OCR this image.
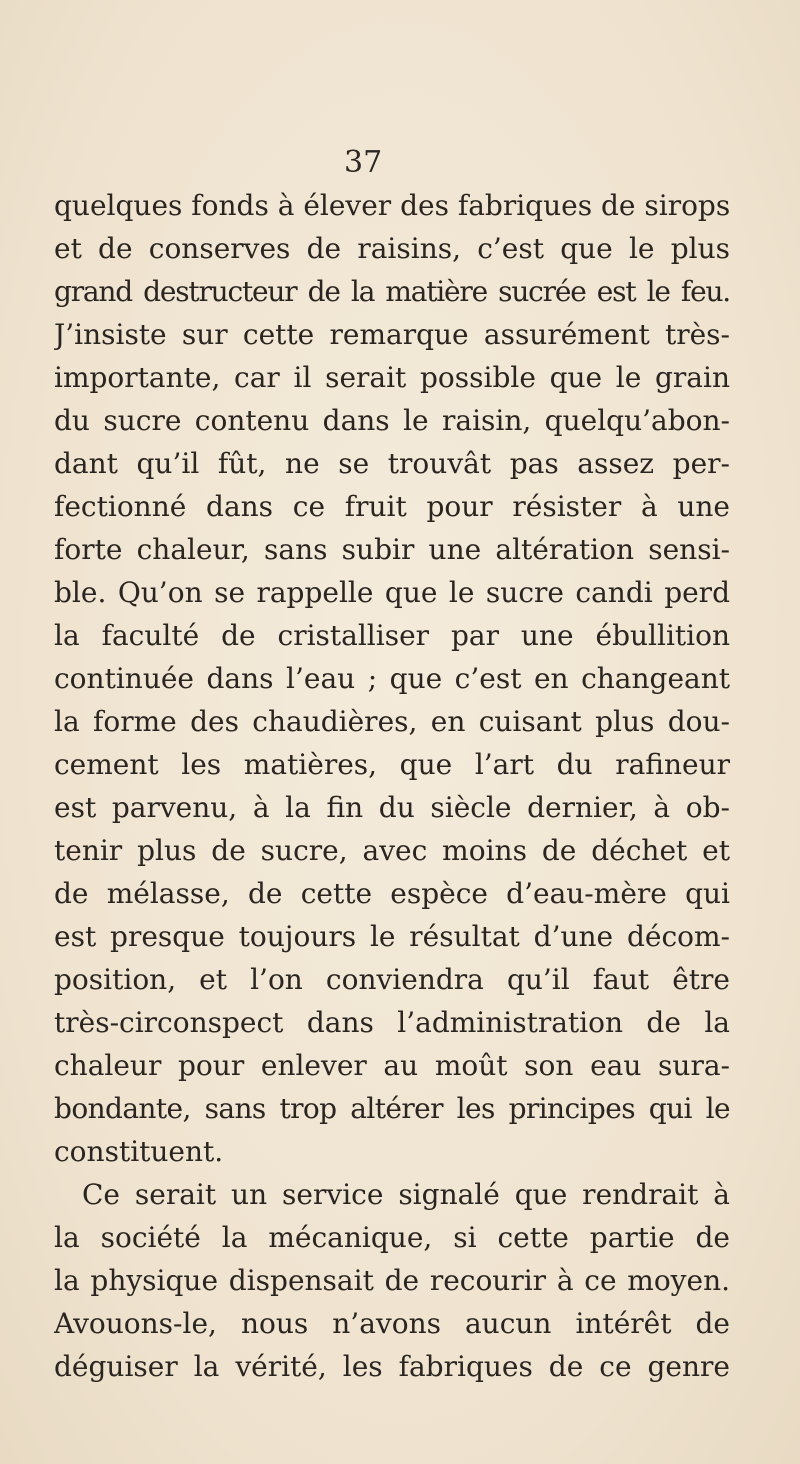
37
quelques fonds à élever des fabriques de sirops
et de conserves de raisins, c’est que le plus
grand destructeur de la matière sucrée est le feu.
J’insiste sur cette remarque assurément très-
importante, car il serait possible que le grain
du sucre contenu dans le raisin, quelqu’abon-
dant qu’il fût, ne se trouvât pas assez per-
fectionné dans ce fruit pour résister à une
forte chaleur, sans subir une altération sensi-
ble. Qu’on se rappelle que le sucre candi perd
la faculté de cristalliser par une ébullition
continuée dans l’eau ; que c’est en changeant
la forme des chaudières, en cuisant plus dou-
cement les matières, que l’art du rafineur
est parvenu, à la fin du siècle dernier, à ob-
tenir plus de sucre, avec moins de déchet et
de mélasse, de cette espèce d’eau-mère qui
est presque toujours le résultat d’une décom-
position, et l’on conviendra qu’il faut être
très-circonspect dans l’administration de la
chaleur pour enlever au moût son eau sura-
bondante, sans trop altérer les principes qui le
constituent.
Ce serait un service signalé que rendrait à
la société la mécanique, si cette partie de
la physique dispensait de recourir à ce moyen.
Avouons-le, nous n’avons aucun intérêt de
déguiser la vérité, les fabriques de ce genre
